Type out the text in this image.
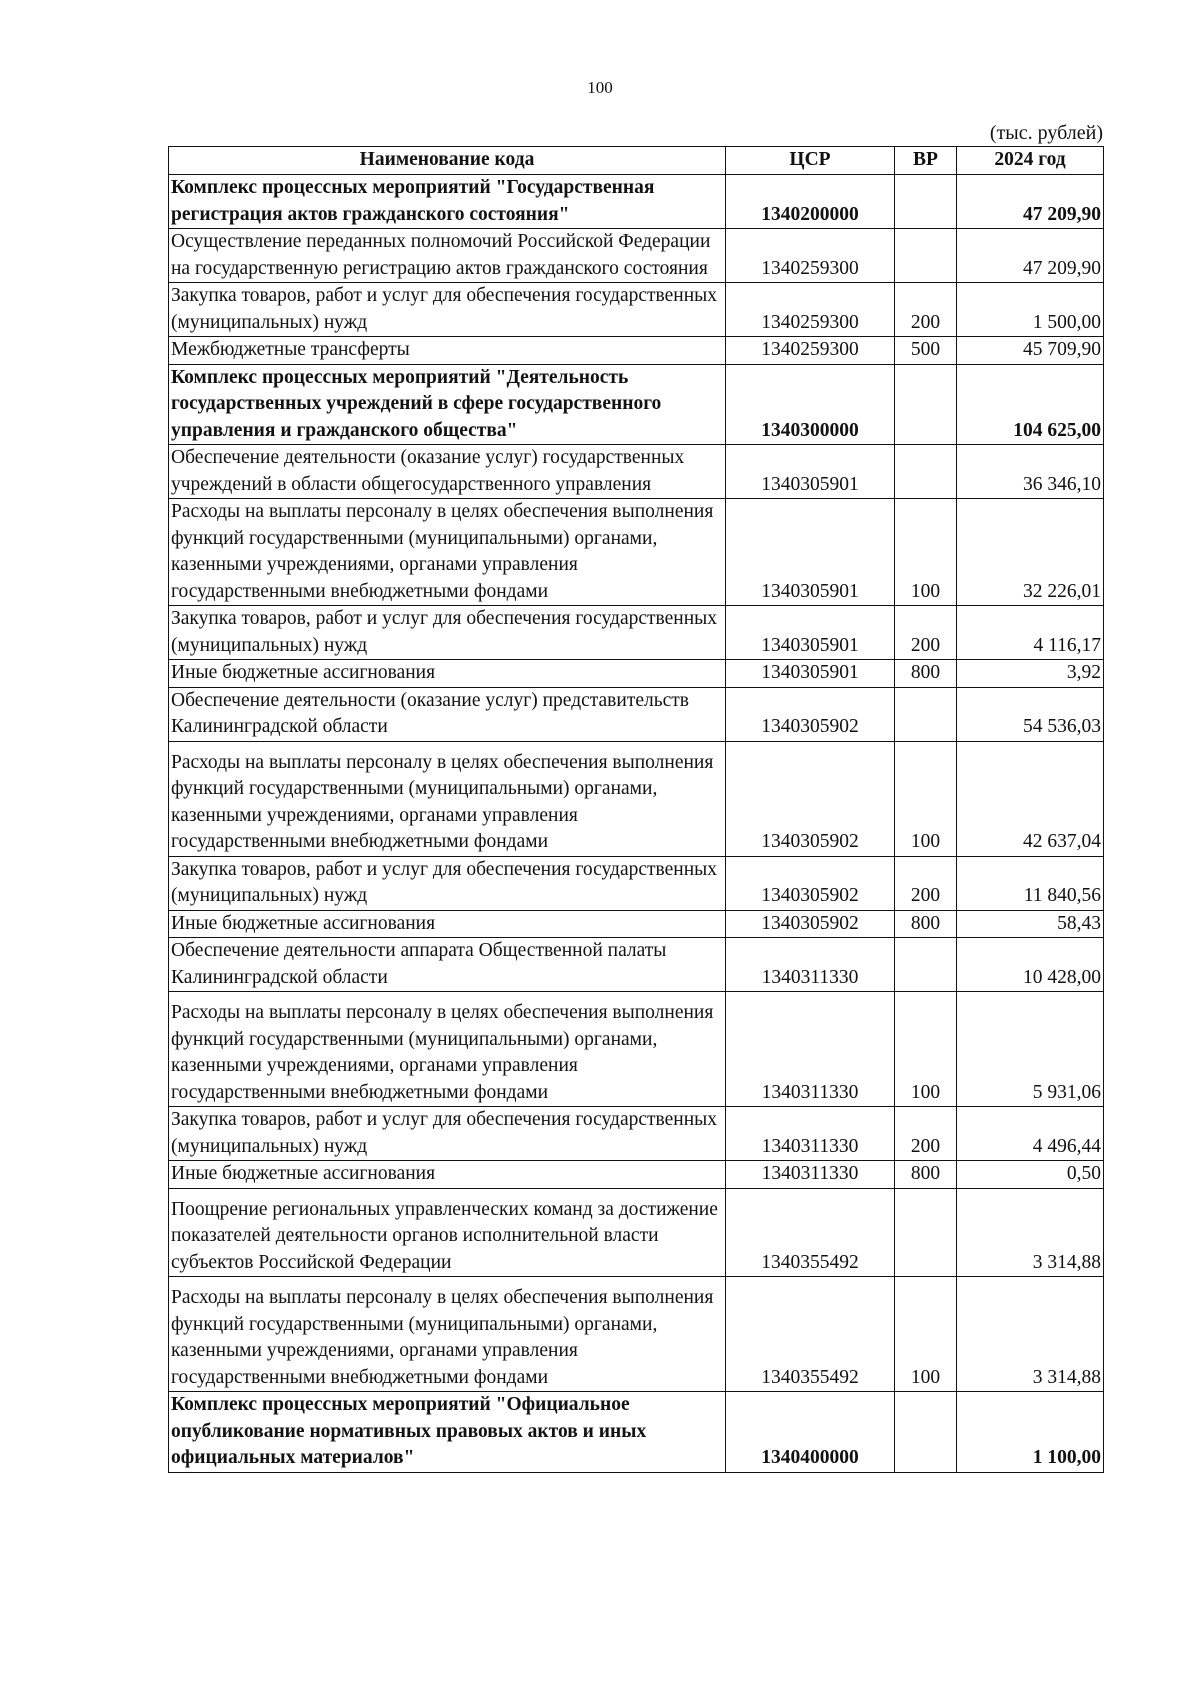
100
(тыс. рублей)
Наименование кода	ЦСР	ВР	2024 год
Комплекс процессных мероприятий "Государственная регистрация актов гражданского состояния"	1340200000		47 209,90
Осуществление переданных полномочий Российской Федерации на государственную регистрацию актов гражданского состояния	1340259300		47 209,90
Закупка товаров, работ и услуг для обеспечения государственных (муниципальных) нужд	1340259300	200	1 500,00
Межбюджетные трансферты	1340259300	500	45 709,90
Комплекс процессных мероприятий "Деятельность государственных учреждений в сфере государственного управления и гражданского общества"	1340300000		104 625,00
Обеспечение деятельности (оказание услуг) государственных учреждений в области общегосударственного управления	1340305901		36 346,10
Расходы на выплаты персоналу в целях обеспечения выполнения функций государственными (муниципальными) органами, казенными учреждениями, органами управления государственными внебюджетными фондами	1340305901	100	32 226,01
Закупка товаров, работ и услуг для обеспечения государственных (муниципальных) нужд	1340305901	200	4 116,17
Иные бюджетные ассигнования	1340305901	800	3,92
Обеспечение деятельности (оказание услуг) представительств Калининградской области	1340305902		54 536,03
Расходы на выплаты персоналу в целях обеспечения выполнения функций государственными (муниципальными) органами, казенными учреждениями, органами управления государственными внебюджетными фондами	1340305902	100	42 637,04
Закупка товаров, работ и услуг для обеспечения государственных (муниципальных) нужд	1340305902	200	11 840,56
Иные бюджетные ассигнования	1340305902	800	58,43
Обеспечение деятельности аппарата Общественной палаты Калининградской области	1340311330		10 428,00
Расходы на выплаты персоналу в целях обеспечения выполнения функций государственными (муниципальными) органами, казенными учреждениями, органами управления государственными внебюджетными фондами	1340311330	100	5 931,06
Закупка товаров, работ и услуг для обеспечения государственных (муниципальных) нужд	1340311330	200	4 496,44
Иные бюджетные ассигнования	1340311330	800	0,50
Поощрение региональных управленческих команд за достижение показателей деятельности органов исполнительной власти субъектов Российской Федерации	1340355492		3 314,88
Расходы на выплаты персоналу в целях обеспечения выполнения функций государственными (муниципальными) органами, казенными учреждениями, органами управления государственными внебюджетными фондами	1340355492	100	3 314,88
Комплекс процессных мероприятий "Официальное опубликование нормативных правовых актов и иных официальных материалов"	1340400000		1 100,00
